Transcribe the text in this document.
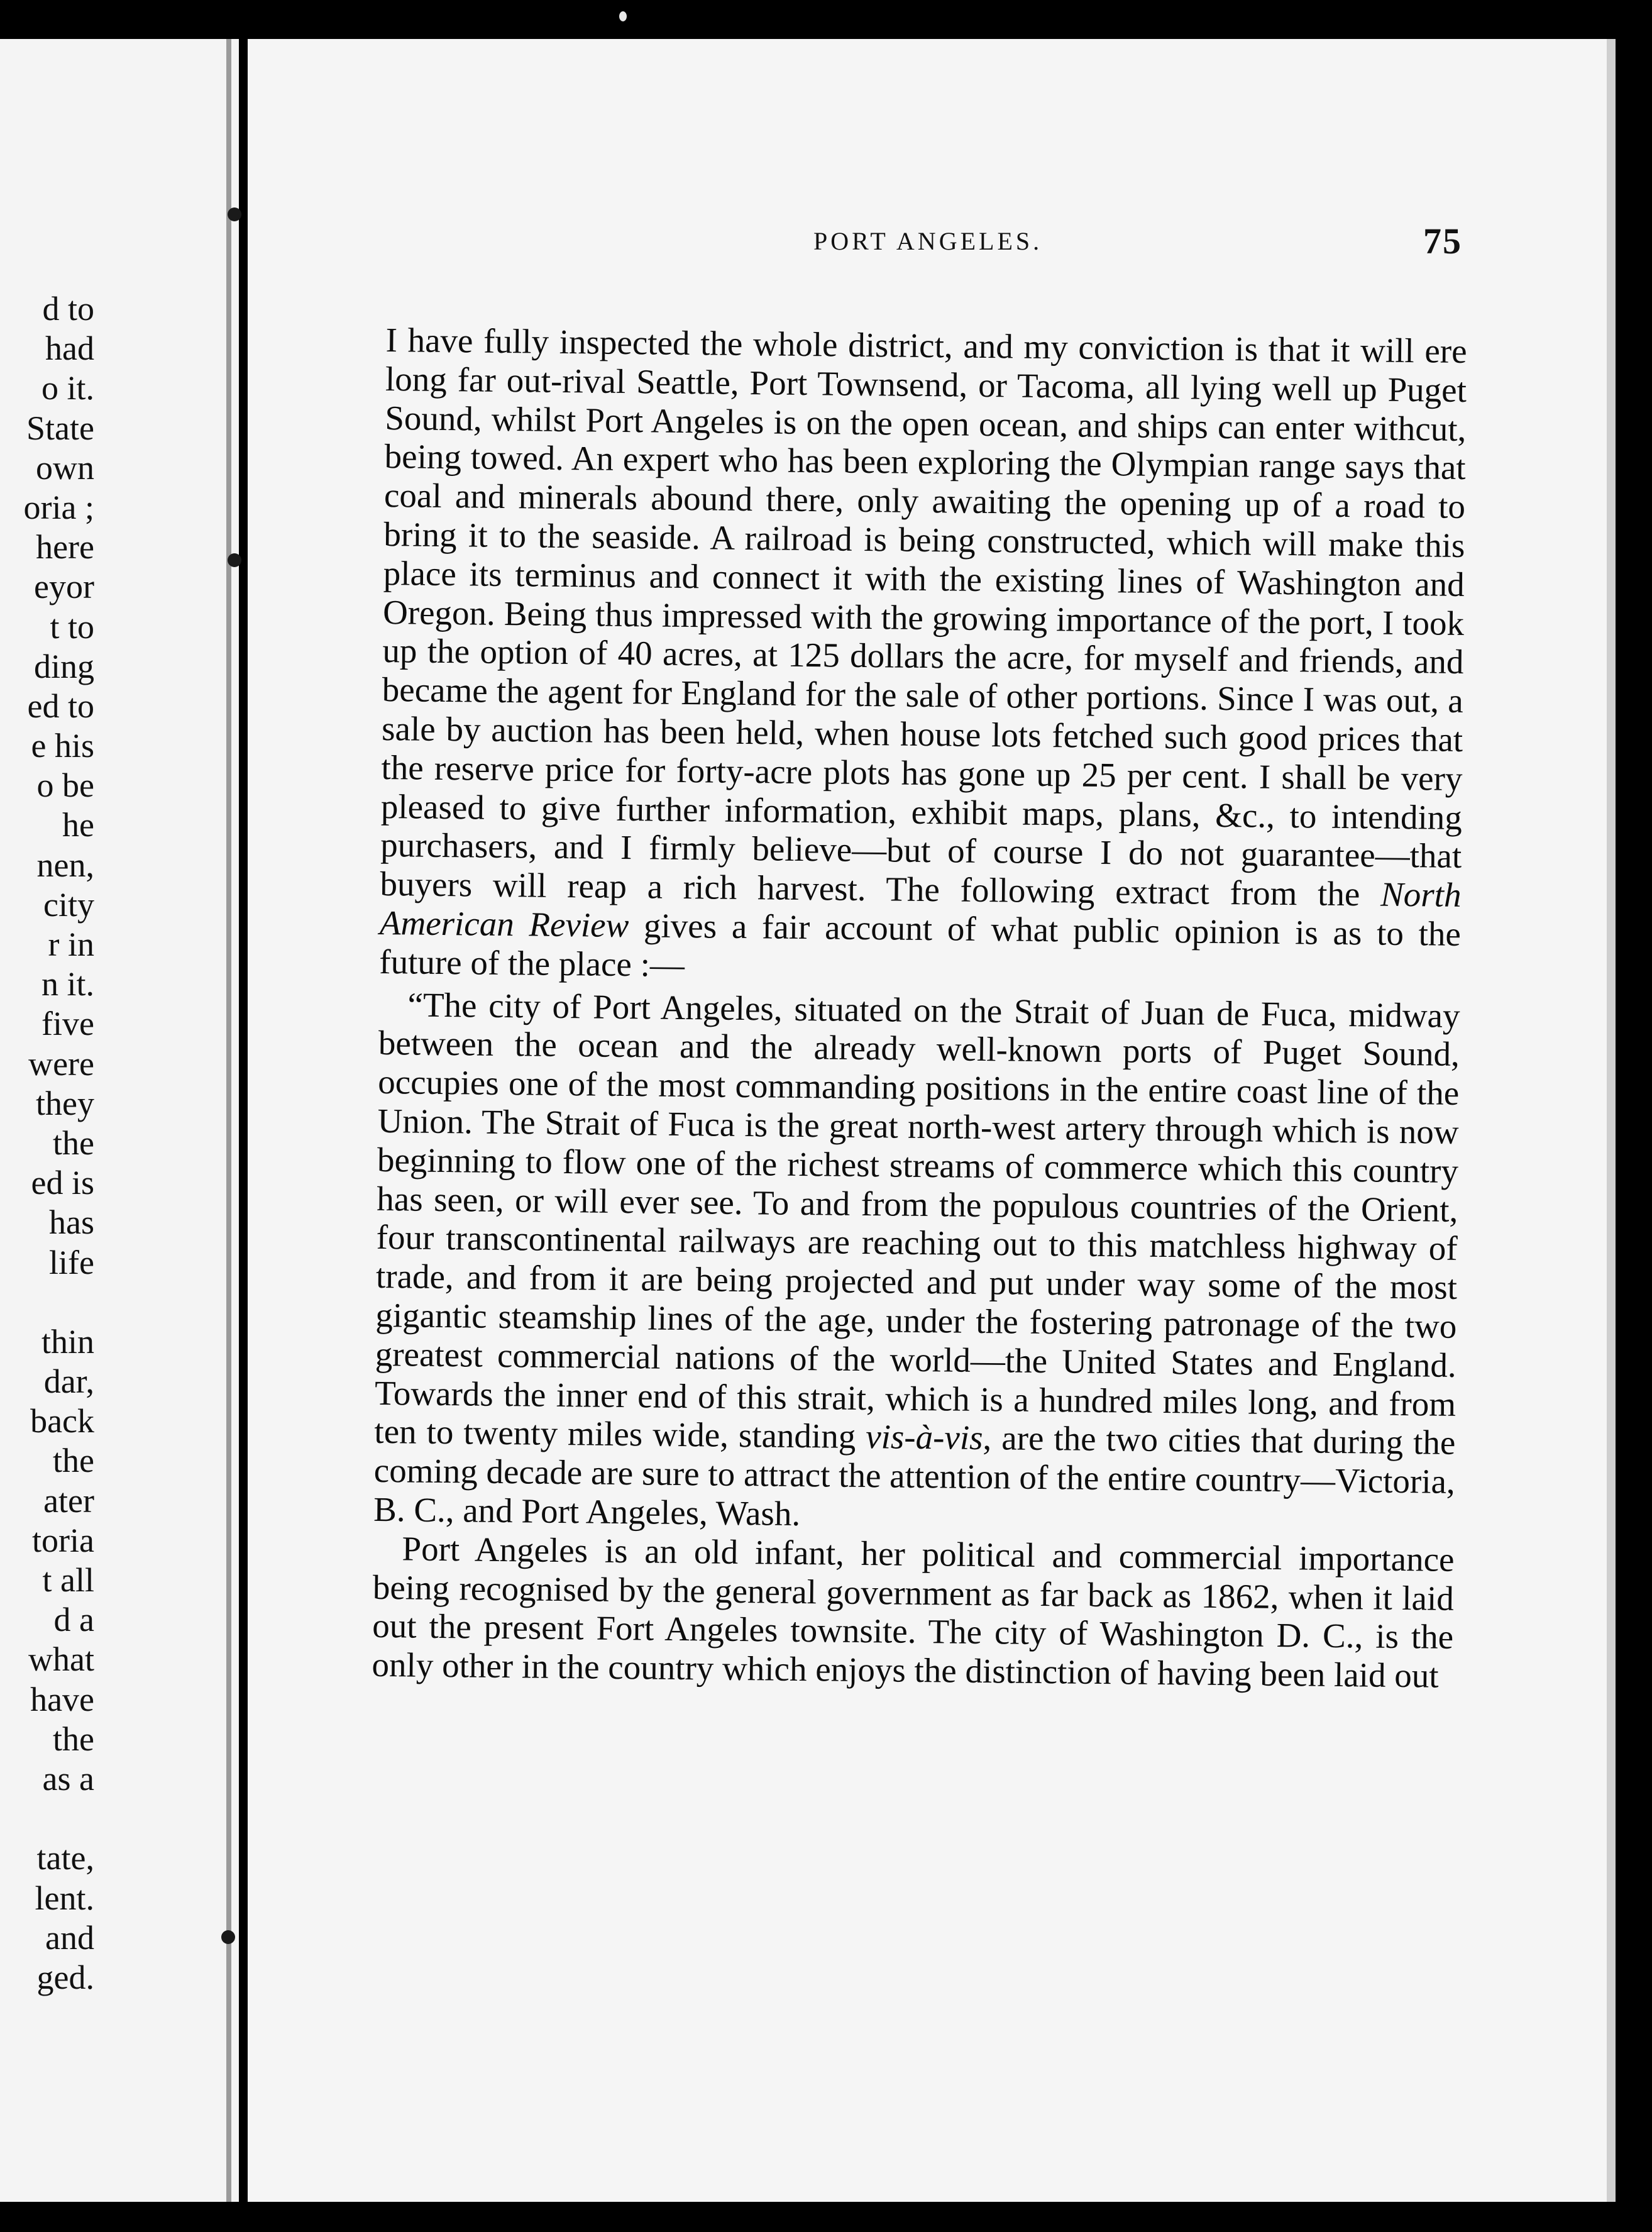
d to
had
o it.
State
own
oria ;
here
eyor
t to
ding
ed to
e his
o be
he
nen,
city
r in
n it.
five
were
they
the
ed is
has
life
thin
dar,
back
the
ater
toria
t all
d a
what
have
the
as a
tate,
lent.
and
ged.
PORT ANGELES.	75

I have fully inspected the whole district, and my conviction is that it will ere long far out-rival Seattle, Port Townsend, or Tacoma, all lying well up Puget Sound, whilst Port Angeles is on the open ocean, and ships can enter withcut, being towed. An expert who has been exploring the Olympian range says that coal and minerals abound there, only awaiting the opening up of a road to bring it to the seaside. A railroad is being constructed, which will make this place its terminus and connect it with the existing lines of Washington and Oregon. Being thus impressed with the growing importance of the port, I took up the option of 40 acres, at 125 dollars the acre, for myself and friends, and became the agent for England for the sale of other portions. Since I was out, a sale by auction has been held, when house lots fetched such good prices that the reserve price for forty-acre plots has gone up 25 per cent. I shall be very pleased to give further information, exhibit maps, plans, &c., to intending purchasers, and I firmly believe—but of course I do not guarantee—that buyers will reap a rich harvest. The following extract from the North American Review gives a fair account of what public opinion is as to the future of the place :—

“The city of Port Angeles, situated on the Strait of Juan de Fuca, midway between the ocean and the already well-known ports of Puget Sound, occupies one of the most commanding positions in the entire coast line of the Union. The Strait of Fuca is the great north-west artery through which is now beginning to flow one of the richest streams of commerce which this country has seen, or will ever see. To and from the populous countries of the Orient, four transcontinental railways are reaching out to this matchless highway of trade, and from it are being projected and put under way some of the most gigantic steamship lines of the age, under the fostering patronage of the two greatest commercial nations of the world—the United States and England. Towards the inner end of this strait, which is a hundred miles long, and from ten to twenty miles wide, standing vis-à-vis, are the two cities that during the coming decade are sure to attract the attention of the entire country—Victoria, B. C., and Port Angeles, Wash.

Port Angeles is an old infant, her political and commercial importance being recognised by the general government as far back as 1862, when it laid out the present Fort Angeles townsite. The city of Washington D. C., is the only other in the country which enjoys the distinction of having been laid out
